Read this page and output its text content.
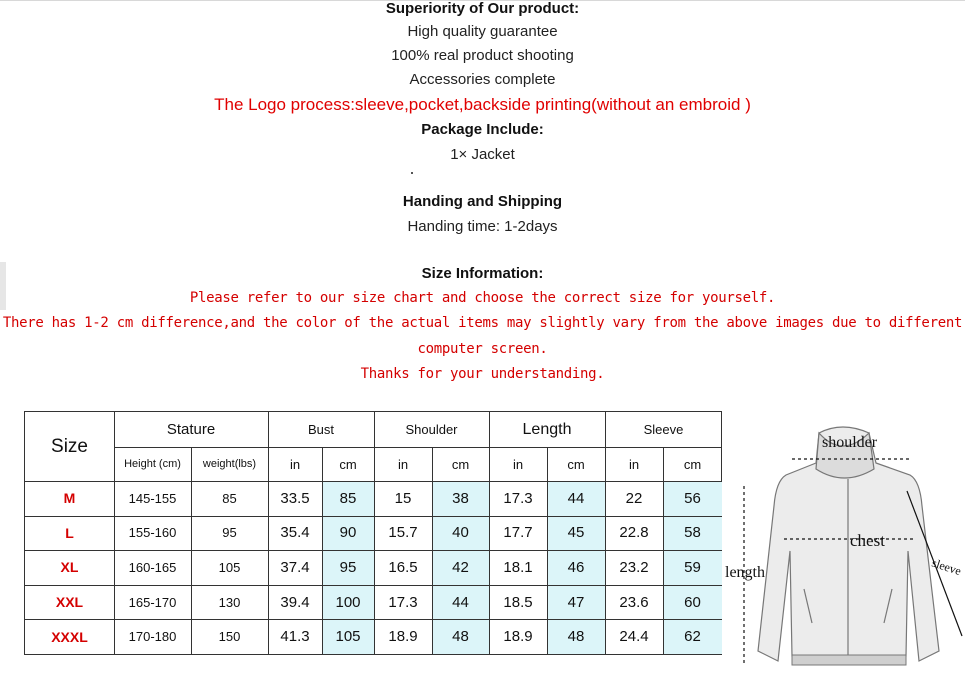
Superiority of Our product:
High quality guarantee
100% real product shooting
Accessories complete
The Logo process:sleeve,pocket,backside printing(without an embroid )
Package Include:
1× Jacket
Handing and Shipping
Handing time: 1-2days
Size Information:
Please refer to our size chart and choose the correct size for yourself.
There has 1-2 cm difference,and the color of the actual items may slightly vary from the above images due to different
computer screen.
Thanks for your understanding.
Size
Stature	Bust	Shoulder	Length	Sleeve
Height (cm)	weight(lbs)	in	cm	in	cm	in	cm	in	cm
M	145-155	85	33.5	85	15	38	17.3	44	22	56
L	155-160	95	35.4	90	15.7	40	17.7	45	22.8	58
XL	160-165	105	37.4	95	16.5	42	18.1	46	23.2	59
XXL	165-170	130	39.4	100	17.3	44	18.5	47	23.6	60
XXXL	170-180	150	41.3	105	18.9	48	18.9	48	24.4	62
shoulder
chest
sleeve
length
